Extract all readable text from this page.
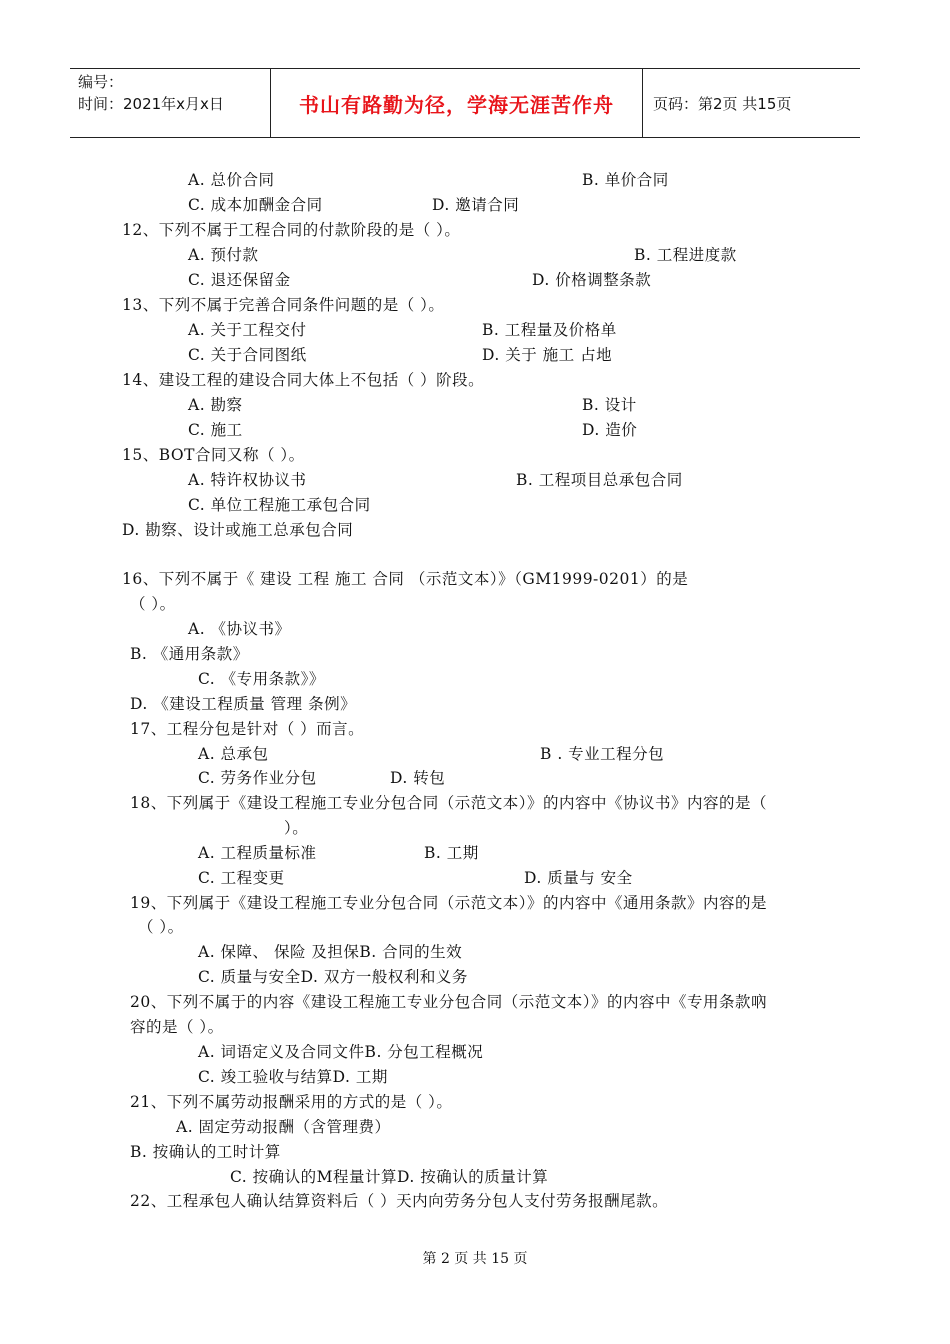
编号：
时间：2021年x月x日	书山有路勤为径，学海无涯苦作舟	页码：第2页 共15页
A. 总价合同	B. 单价合同
C. 成本加酬金合同	D. 邀请合同
12、下列不属于工程合同的付款阶段的是（ ）。
A. 预付款	B. 工程进度款
C. 退还保留金	D. 价格调整条款
13、下列不属于完善合同条件问题的是（ ）。
A. 关于工程交付	B. 工程量及价格单
C. 关于合同图纸	D. 关于 施工 占地
14、建设工程的建设合同大体上不包括（ ）阶段。
A. 勘察	B. 设计
C. 施工	D. 造价
15、BOT合同又称（ ）。
A. 特许权协议书	B. 工程项目总承包合同
C. 单位工程施工承包合同
D. 勘察、设计或施工总承包合同
16、下列不属于《 建设 工程 施工 合同 （示范文本）》（GM1999-0201）的是
（ ）。
A. 《协议书》
B. 《通用条款》
C. 《专用条款》》
D. 《建设工程质量 管理 条例》
17、工程分包是针对（ ）而言。
A. 总承包	B . 专业工程分包
C. 劳务作业分包	D. 转包
18、下列属于《建设工程施工专业分包合同（示范文本）》的内容中《协议书》内容的是（
）。
A. 工程质量标准	B. 工期
C. 工程变更	D. 质量与 安全
19、下列属于《建设工程施工专业分包合同（示范文本）》的内容中《通用条款》内容的是
（ ）。
A. 保障、 保险 及担保B. 合同的生效
C. 质量与安全D. 双方一般权利和义务
20、下列不属于的内容《建设工程施工专业分包合同（示范文本）》的内容中《专用条款吶
容的是（ ）。
A. 词语定义及合同文件B. 分包工程概况
C. 竣工验收与结算D. 工期
21、下列不属劳动报酬采用的方式的是（ ）。
A. 固定劳动报酬（含管理费）
B. 按确认的工时计算
C. 按确认的M程量计算D. 按确认的质量计算
22、工程承包人确认结算资料后（ ）天内向劳务分包人支付劳务报酬尾款。
第 2 页 共 15 页
